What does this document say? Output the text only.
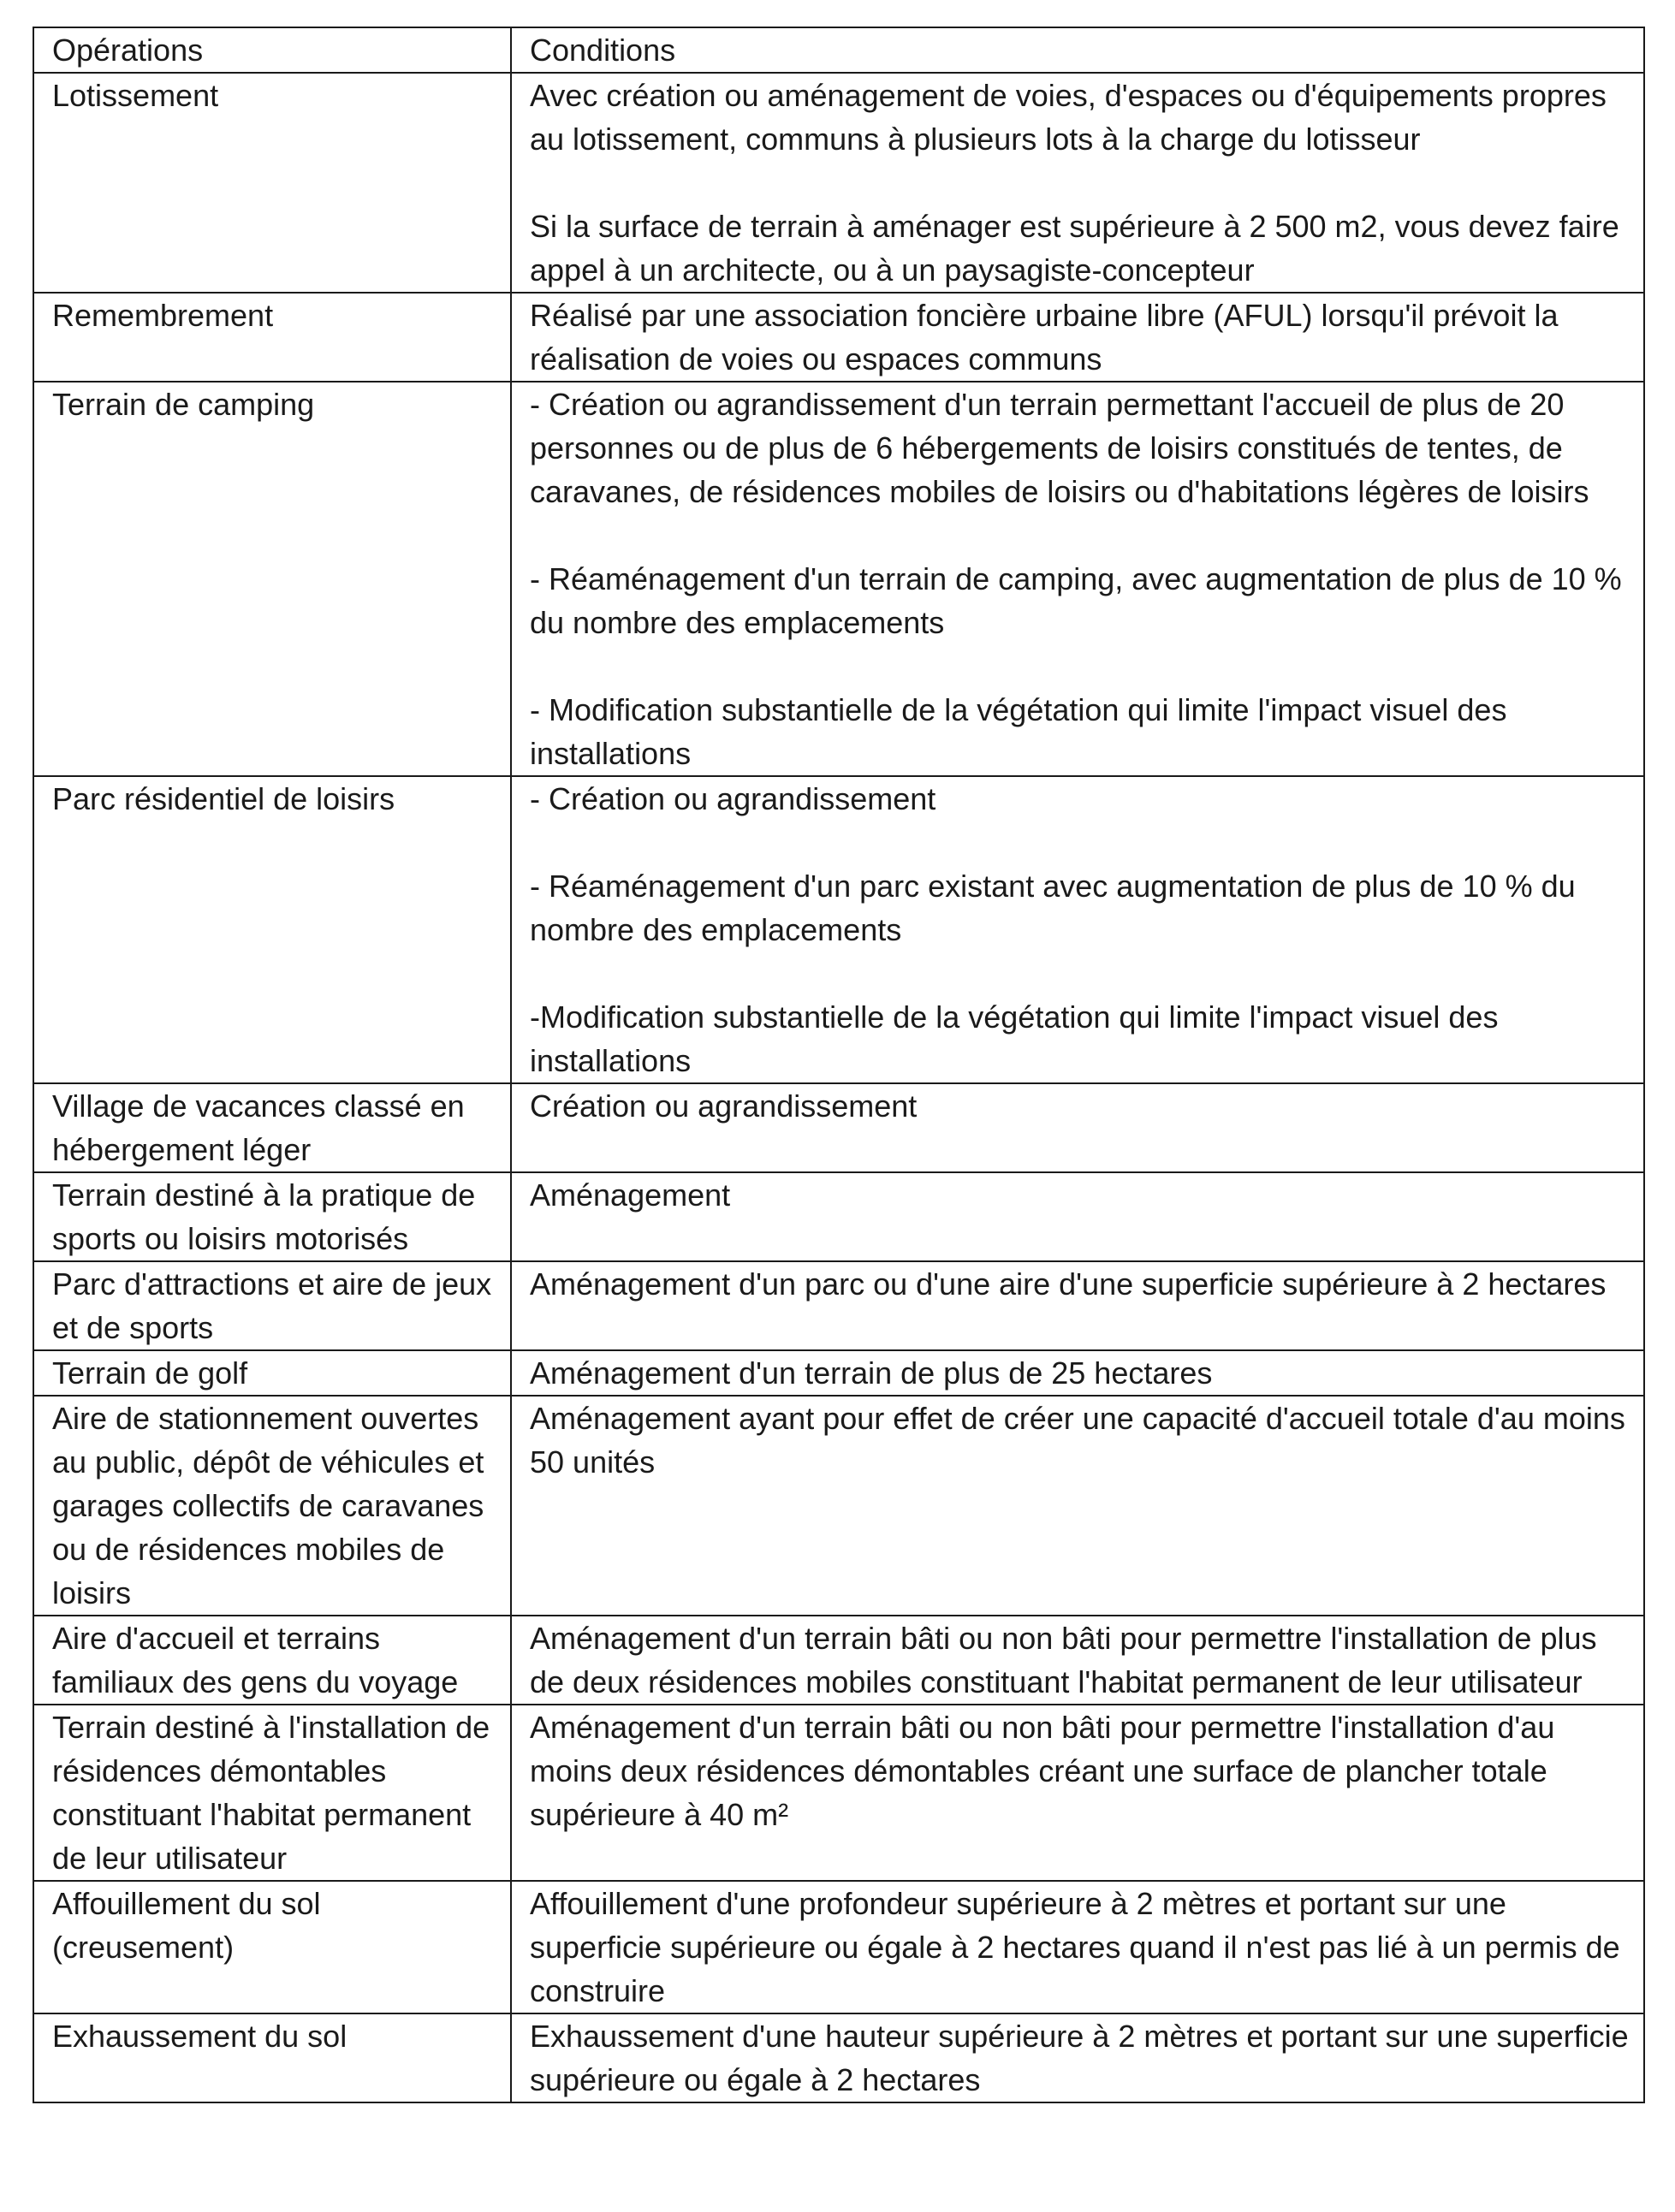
Opérations	Conditions
Lotissement	Avec création ou aménagement de voies, d'espaces ou d'équipements propres au lotissement, communs à plusieurs lots à la charge du lotisseur
Si la surface de terrain à aménager est supérieure à 2 500 m2, vous devez faire appel à un architecte, ou à un paysagiste-concepteur

Remembrement	Réalisé par une association foncière urbaine libre (AFUL) lorsqu'il prévoit la réalisation de voies ou espaces communs

Terrain de camping	- Création ou agrandissement d'un terrain permettant l'accueil de plus de 20 personnes ou de plus de 6 hébergements de loisirs constitués de tentes, de caravanes, de résidences mobiles de loisirs ou d'habitations légères de loisirs
- Réaménagement d'un terrain de camping, avec augmentation de plus de 10 % du nombre des emplacements
- Modification substantielle de la végétation qui limite l'impact visuel des installations

Parc résidentiel de loisirs	- Création ou agrandissement
- Réaménagement d'un parc existant avec augmentation de plus de 10 % du nombre des emplacements
-Modification substantielle de la végétation qui limite l'impact visuel des installations

Village de vacances classé en hébergement léger	Création ou agrandissement

Terrain destiné à la pratique de sports ou loisirs motorisés	Aménagement

Parc d'attractions et aire de jeux et de sports	Aménagement d'un parc ou d'une aire d'une superficie supérieure à 2 hectares

Terrain de golf	Aménagement d'un terrain de plus de 25 hectares

Aire de stationnement ouvertes au public, dépôt de véhicules et garages collectifs de caravanes ou de résidences mobiles de loisirs	Aménagement ayant pour effet de créer une capacité d'accueil totale d'au moins 50 unités

Aire d'accueil et terrains familiaux des gens du voyage	Aménagement d'un terrain bâti ou non bâti pour permettre l'installation de plus de deux résidences mobiles constituant l'habitat permanent de leur utilisateur

Terrain destiné à l'installation de résidences démontables constituant l'habitat permanent de leur utilisateur	Aménagement d'un terrain bâti ou non bâti pour permettre l'installation d'au moins deux résidences démontables créant une surface de plancher totale supérieure à 40 m²

Affouillement du sol (creusement)	Affouillement d'une profondeur supérieure à 2 mètres et portant sur une superficie supérieure ou égale à 2 hectares quand il n'est pas lié à un permis de construire

Exhaussement du sol	Exhaussement d'une hauteur supérieure à 2 mètres et portant sur une superficie supérieure ou égale à 2 hectares
